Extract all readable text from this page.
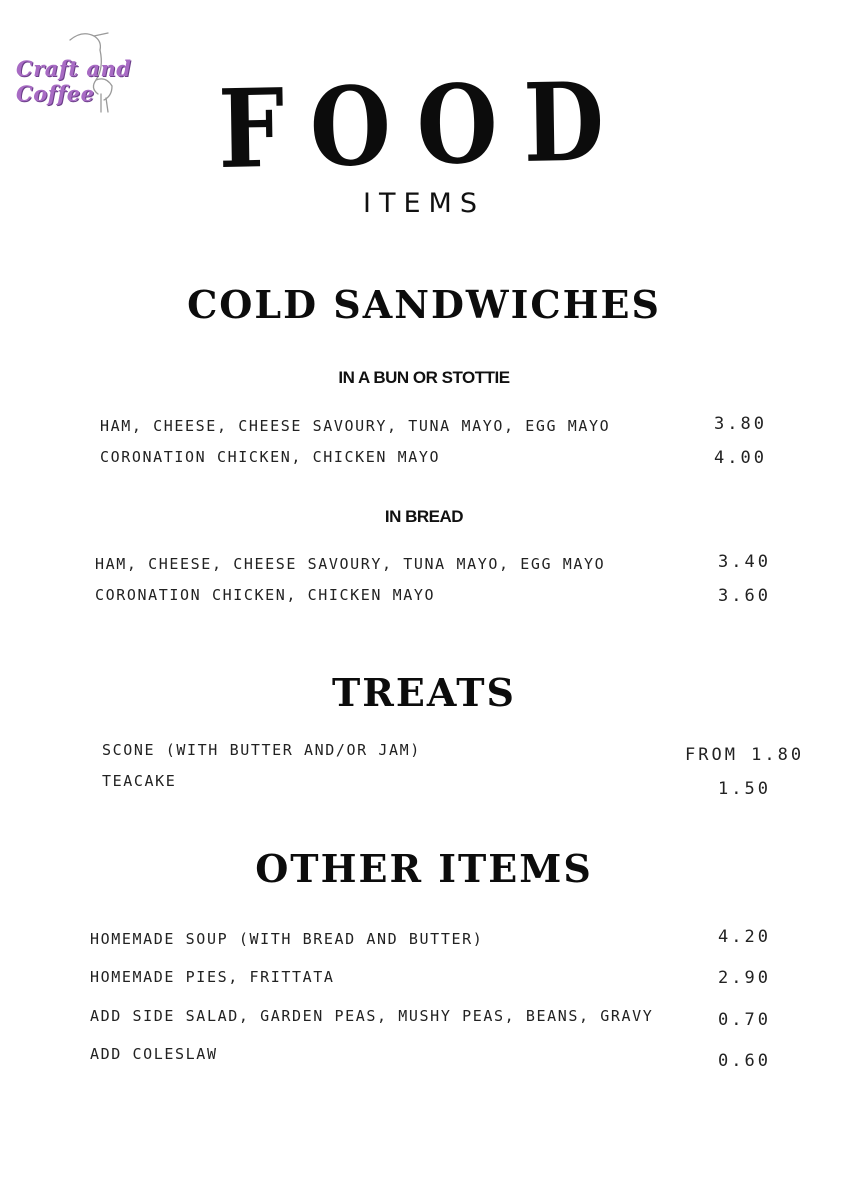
Craft and Coffee	FOOD
ITEMS
COLD SANDWICHES
IN A BUN OR STOTTIE
HAM, CHEESE, CHEESE SAVOURY, TUNA MAYO, EGG MAYO	3.80
CORONATION CHICKEN, CHICKEN MAYO	4.00
IN BREAD
HAM, CHEESE, CHEESE SAVOURY, TUNA MAYO, EGG MAYO	3.40
CORONATION CHICKEN, CHICKEN MAYO	3.60
TREATS
SCONE (WITH BUTTER AND/OR JAM)	FROM 1.80
TEACAKE	1.50
OTHER ITEMS
HOMEMADE SOUP (WITH BREAD AND BUTTER)	4.20
HOMEMADE PIES, FRITTATA	2.90
ADD SIDE SALAD, GARDEN PEAS, MUSHY PEAS, BEANS, GRAVY	0.70
ADD COLESLAW	0.60
